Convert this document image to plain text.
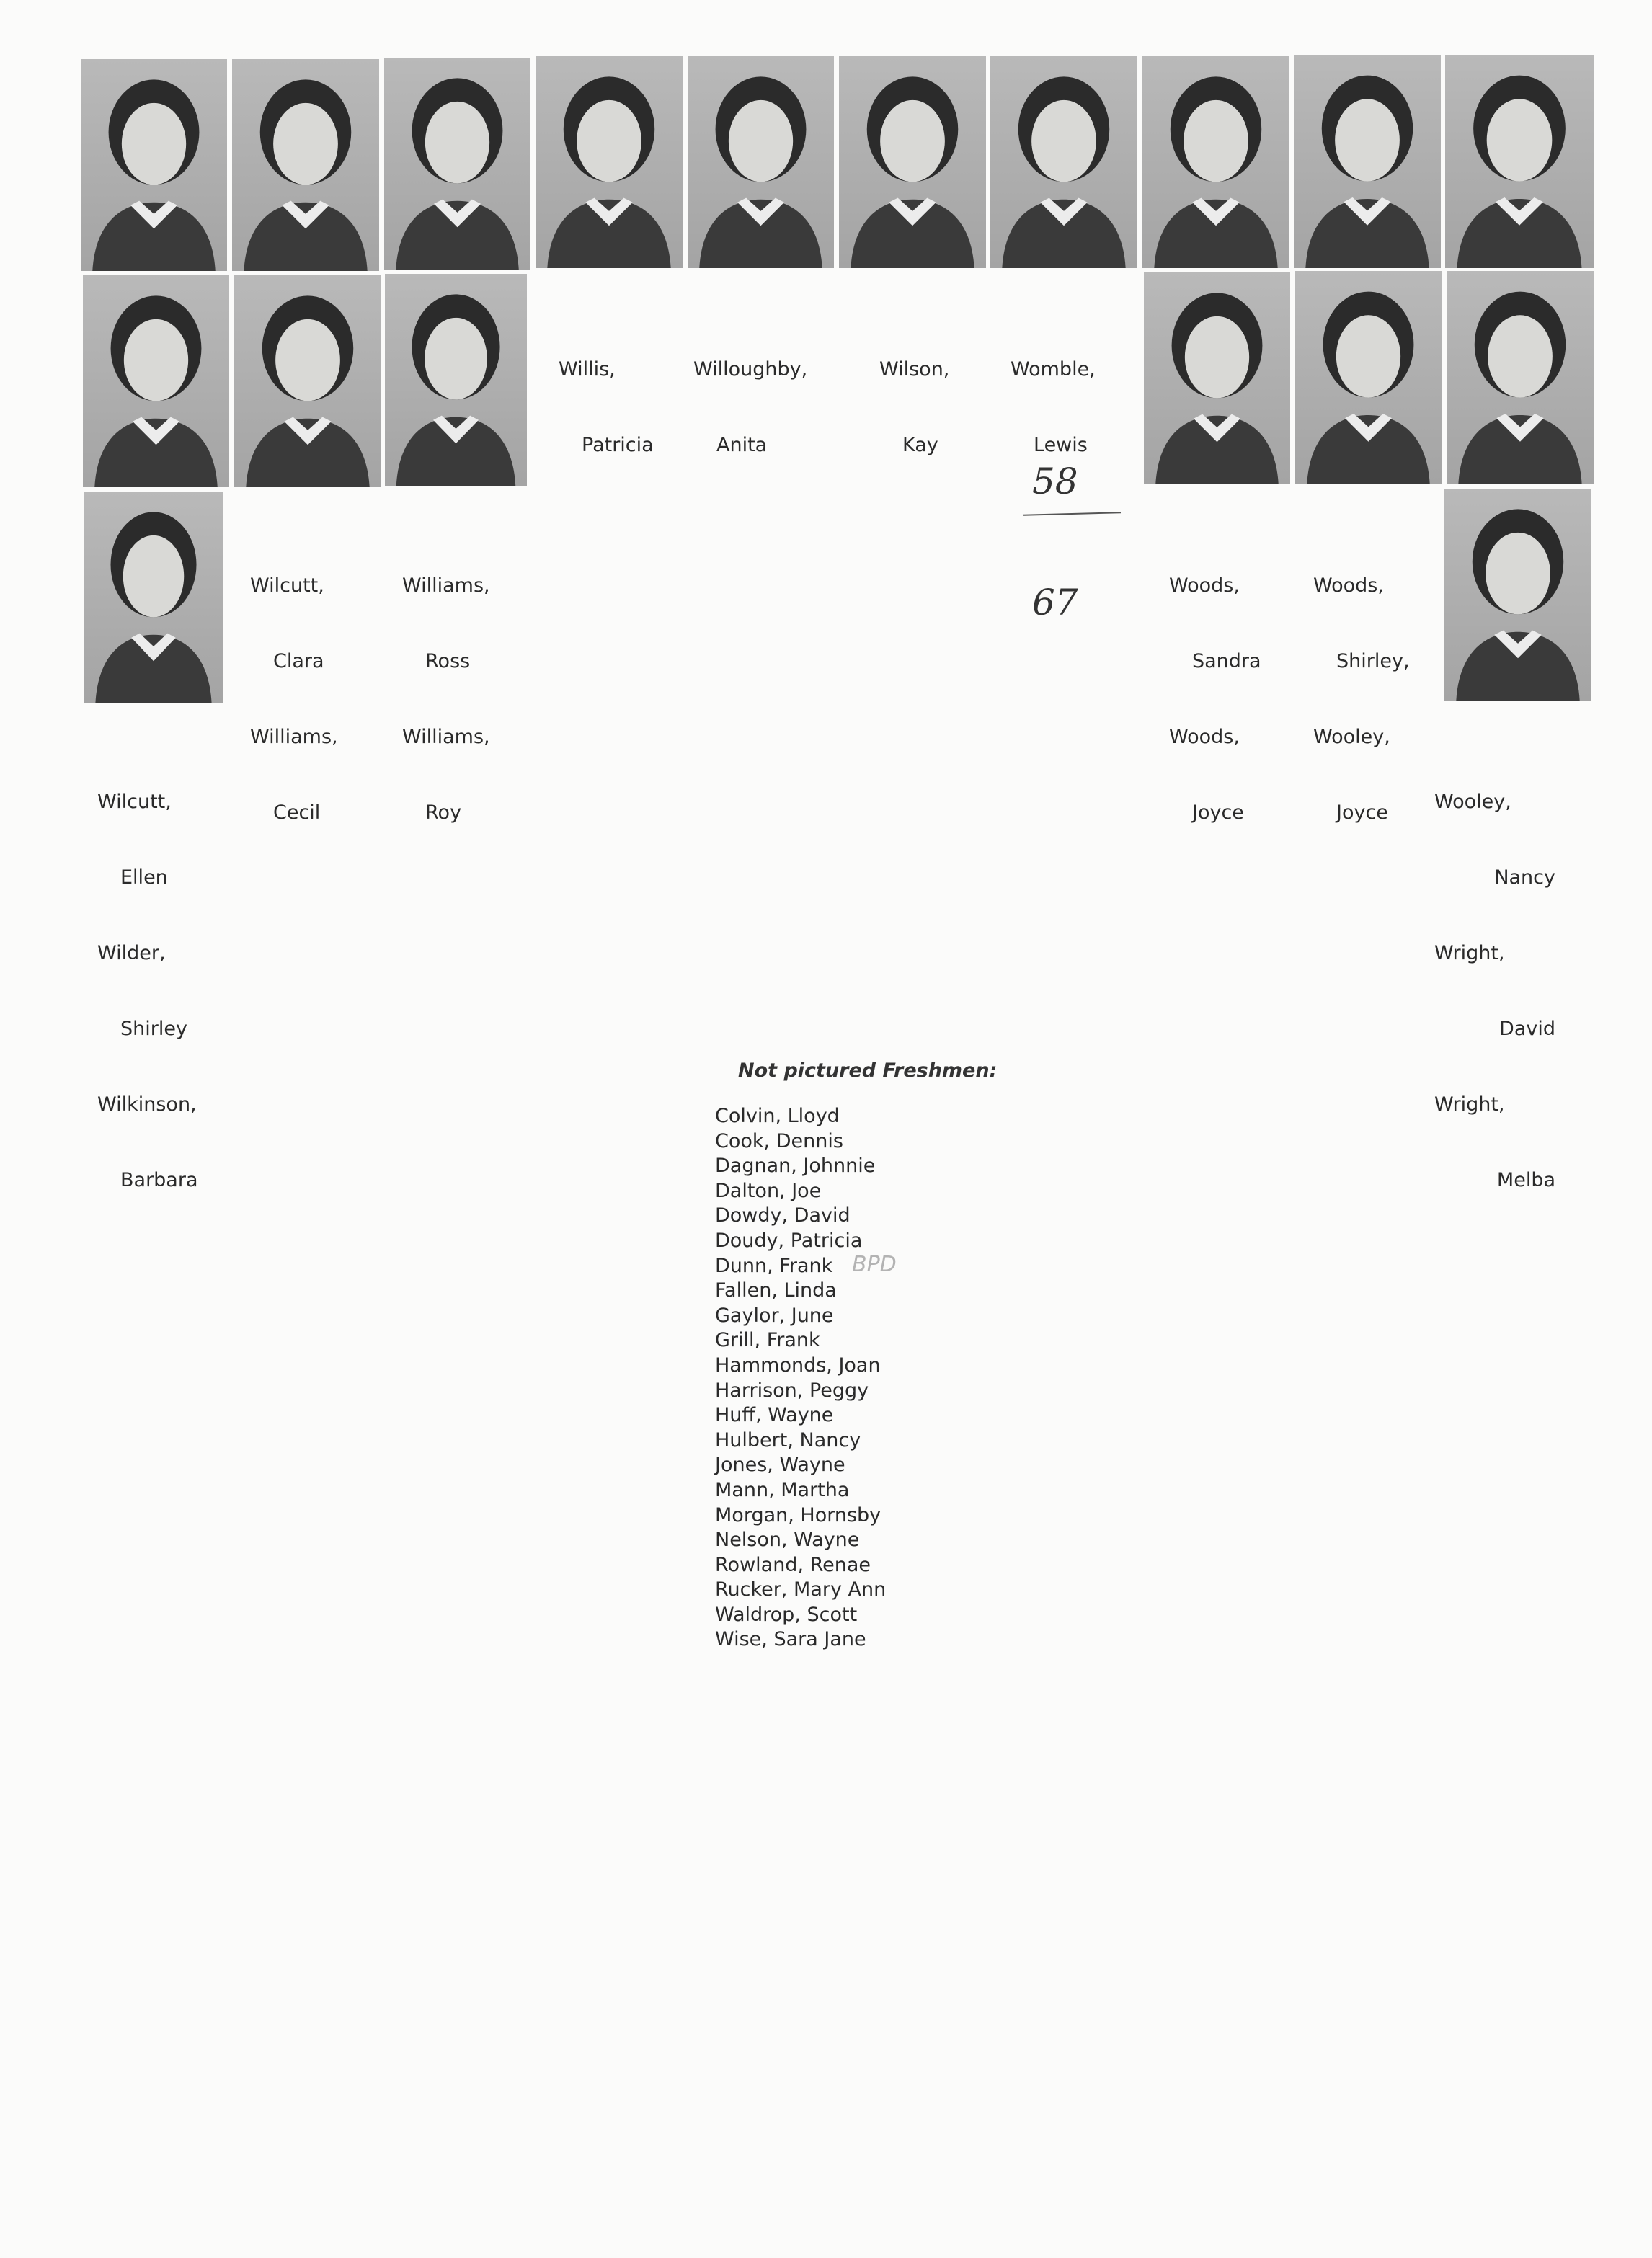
Willis,

Patricia

Willoughby,

Anita

Wilson,

Kay

Womble,

Lewis

58

67

Wilcutt,

Clara

Williams,

Cecil

Williams,

Ross

Williams,

Roy

Woods,

Sandra

Woods,

Joyce

Woods,

Shirley,

Wooley,

Joyce

Wilcutt,

Ellen

Wilder,

Shirley

Wilkinson,

Barbara

Wooley,

Nancy

Wright,

David

Wright,

Melba

Not pictured Freshmen:
Colvin, Lloyd
Cook, Dennis
Dagnan, Johnnie
Dalton, Joe
Dowdy, David
Doudy, Patricia
Dunn, Frank
Fallen, Linda
Gaylor, June
Grill, Frank
Hammonds, Joan
Harrison, Peggy
Huff, Wayne
Hulbert, Nancy
Jones, Wayne
Mann, Martha
Morgan, Hornsby
Nelson, Wayne
Rowland, Renae
Rucker, Mary Ann
Waldrop, Scott
Wise, Sara Jane
BPD
